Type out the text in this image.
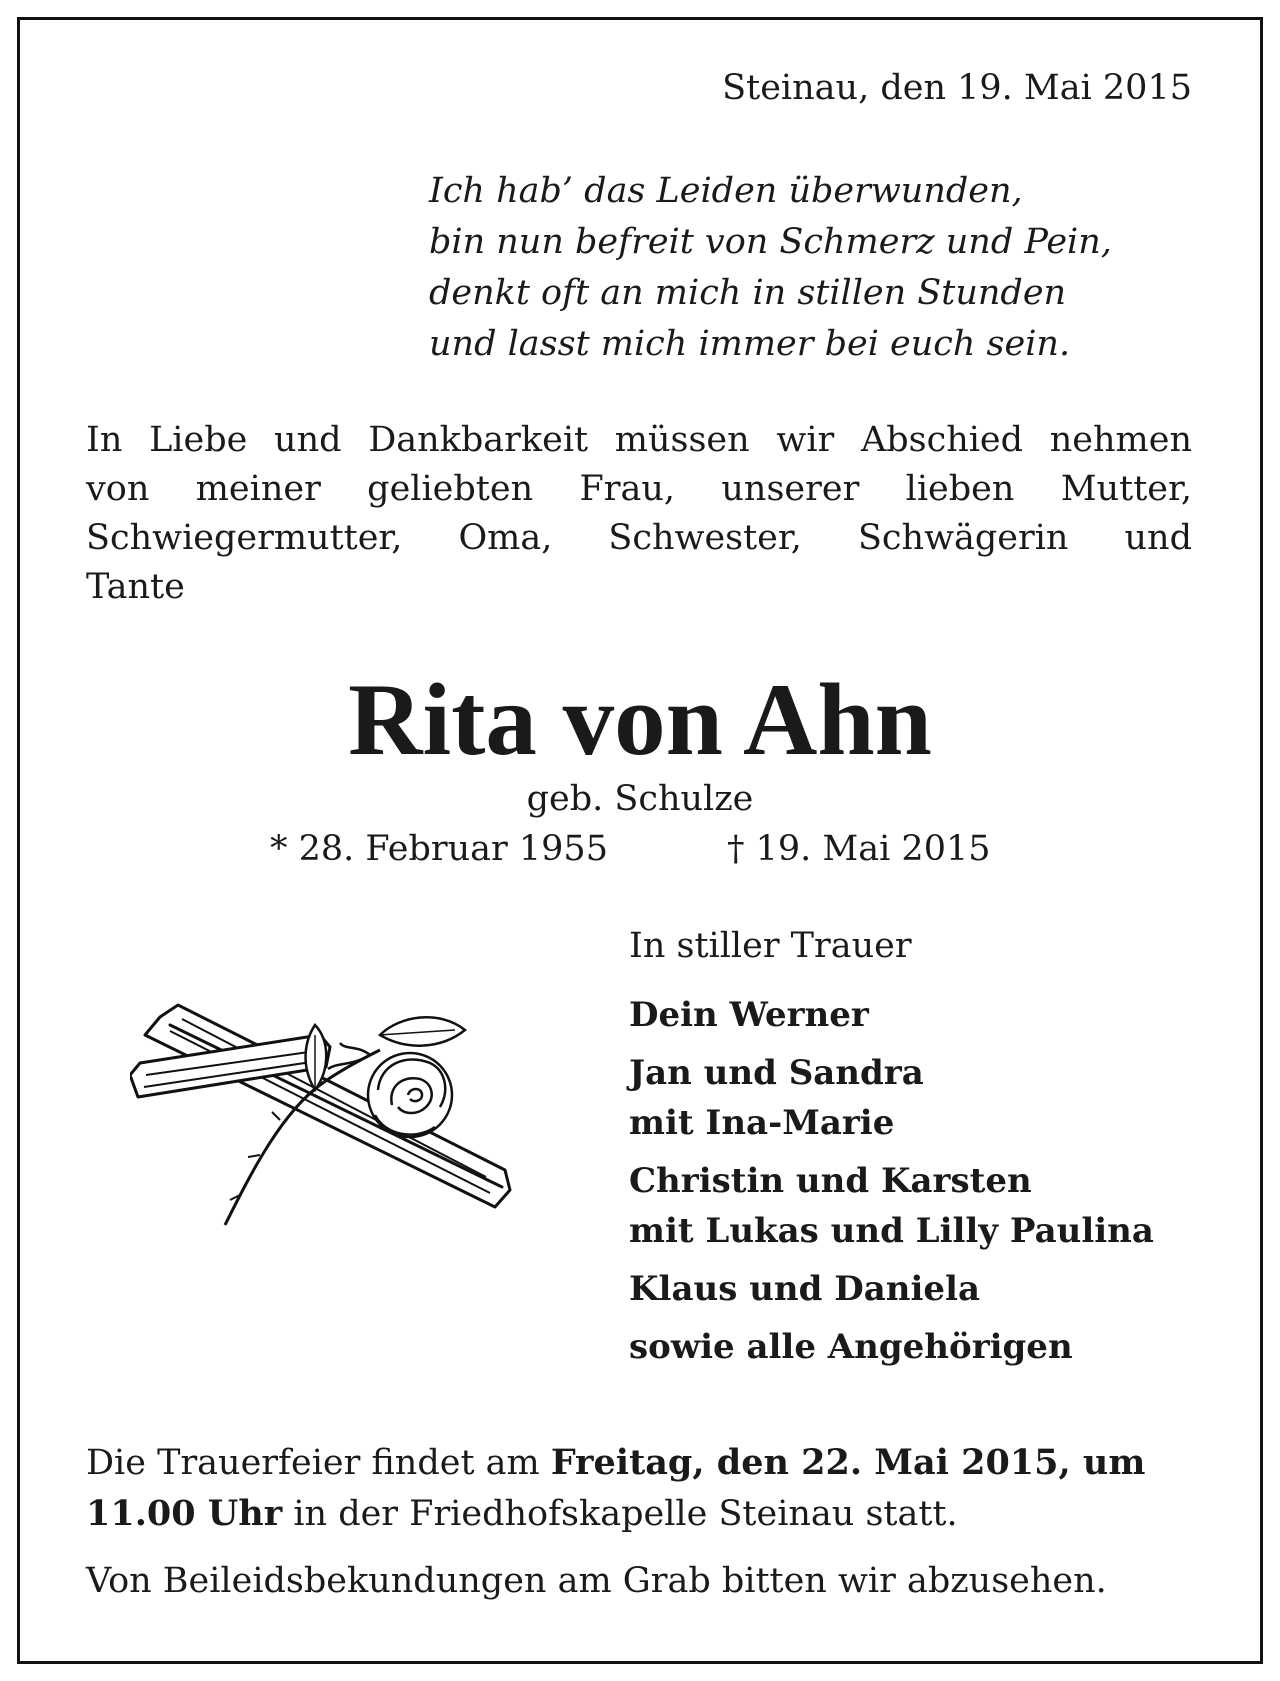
Steinau, den 19. Mai 2015
Ich hab’ das Leiden überwunden,
bin nun befreit von Schmerz und Pein,
denkt oft an mich in stillen Stunden
und lasst mich immer bei euch sein.
In Liebe und Dankbarkeit müssen wir Abschied nehmen
von meiner geliebten Frau, unserer lieben Mutter,
Schwiegermutter, Oma, Schwester, Schwägerin und
Tante
Rita von Ahn
geb. Schulze
* 28. Februar 1955	† 19. Mai 2015
In stiller Trauer
Dein Werner
Jan und Sandra
mit Ina-Marie
Christin und Karsten
mit Lukas und Lilly Paulina
Klaus und Daniela
sowie alle Angehörigen
Die Trauerfeier findet am Freitag, den 22. Mai 2015, um
11.00 Uhr in der Friedhofskapelle Steinau statt.
Von Beileidsbekundungen am Grab bitten wir abzusehen.
